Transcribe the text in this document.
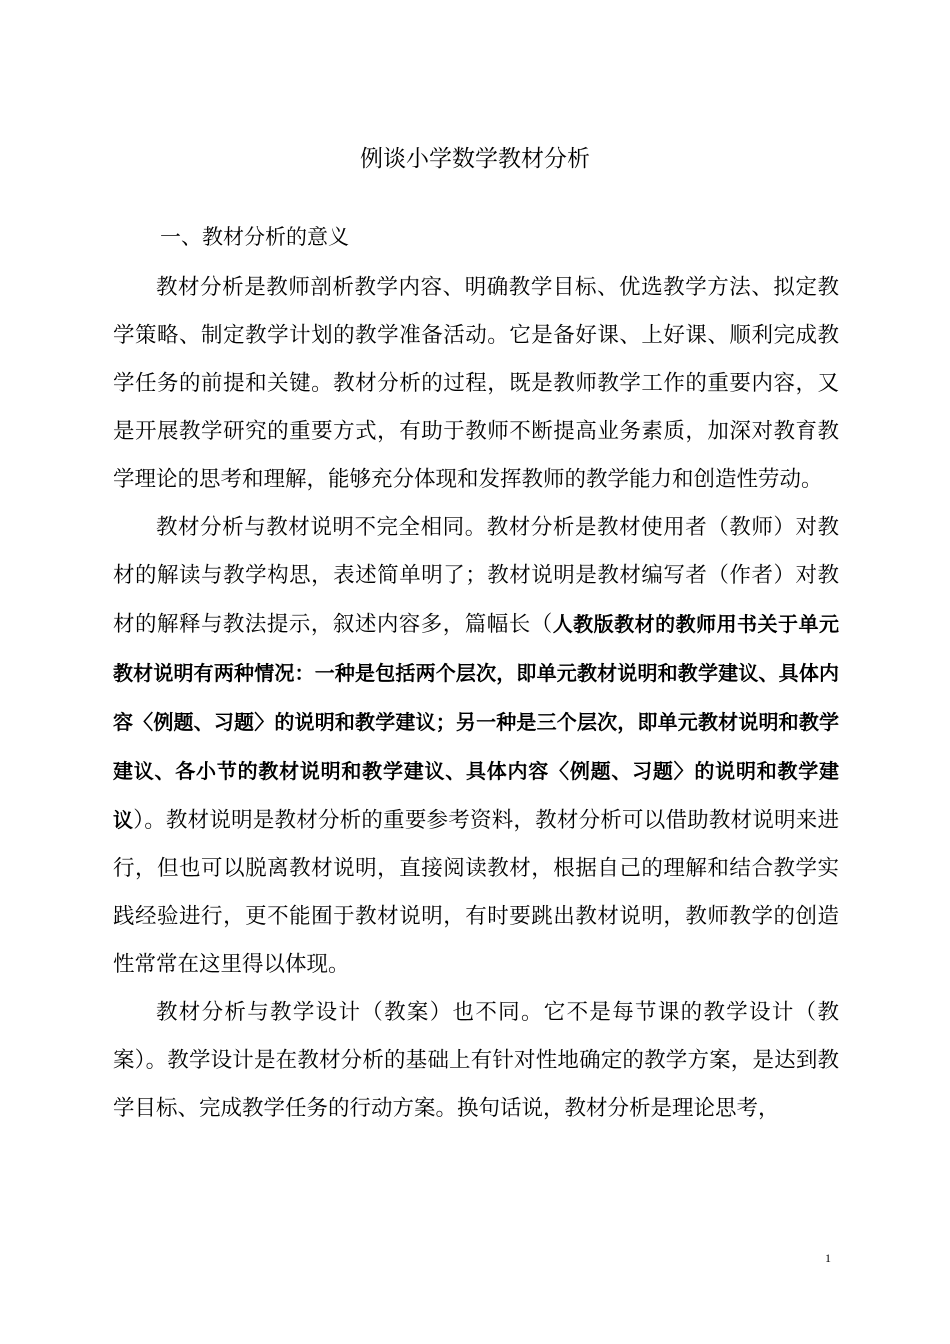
例谈小学数学教材分析
一、教材分析的意义

教材分析是教师剖析教学内容、明确教学目标、优选教学方法、拟定教学策略、制定教学计划的教学准备活动。它是备好课、上好课、顺利完成教学任务的前提和关键。教材分析的过程，既是教师教学工作的重要内容，又是开展教学研究的重要方式，有助于教师不断提高业务素质，加深对教育教学理论的思考和理解，能够充分体现和发挥教师的教学能力和创造性劳动。

教材分析与教材说明不完全相同。教材分析是教材使用者（教师）对教材的解读与教学构思，表述简单明了；教材说明是教材编写者（作者）对教材的解释与教法提示，叙述内容多，篇幅长（人教版教材的教师用书关于单元教材说明有两种情况：一种是包括两个层次，即单元教材说明和教学建议、具体内容〈例题、习题〉的说明和教学建议；另一种是三个层次，即单元教材说明和教学建议、各小节的教材说明和教学建议、具体内容〈例题、习题〉的说明和教学建议）。教材说明是教材分析的重要参考资料，教材分析可以借助教材说明来进行，但也可以脱离教材说明，直接阅读教材，根据自己的理解和结合教学实践经验进行，更不能囿于教材说明，有时要跳出教材说明，教师教学的创造性常常在这里得以体现。

教材分析与教学设计（教案）也不同。它不是每节课的教学设计（教案）。教学设计是在教材分析的基础上有针对性地确定的教学方案，是达到教学目标、完成教学任务的行动方案。换句话说，教材分析是理论思考，

1
